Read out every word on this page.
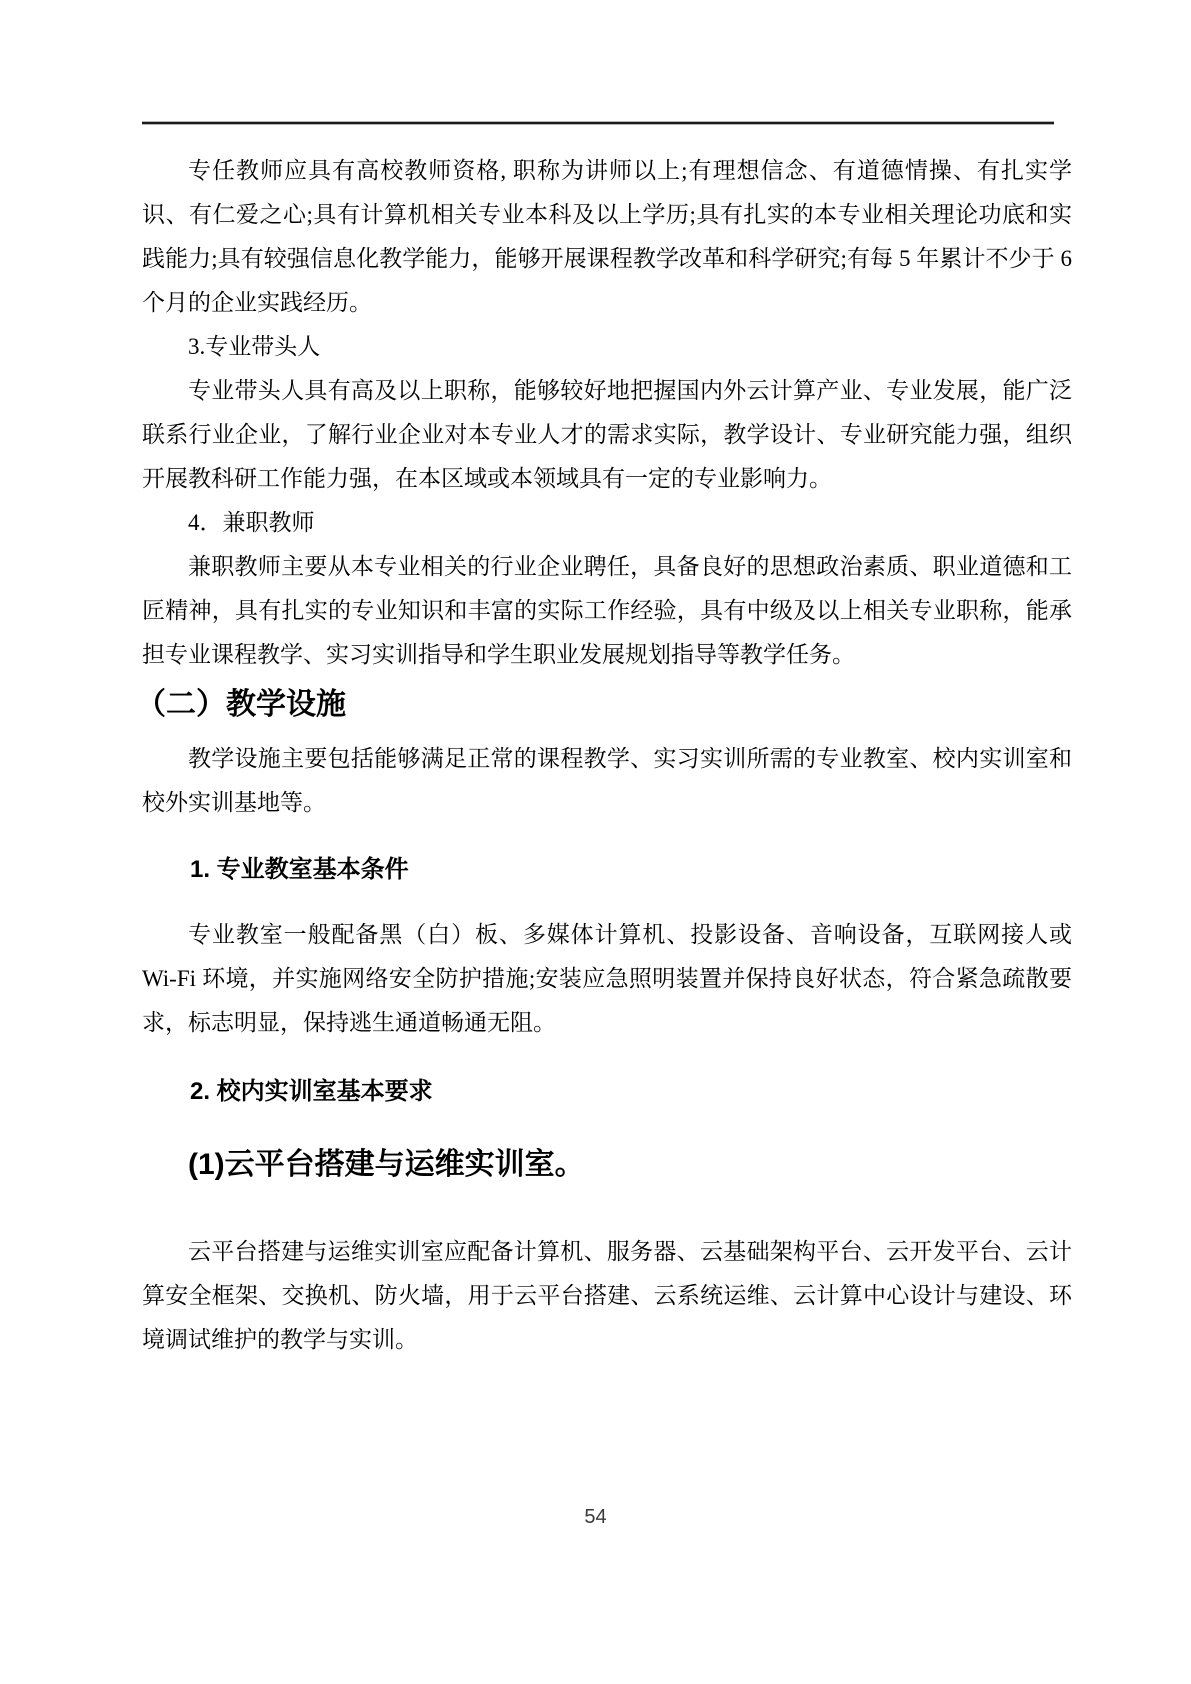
专任教师应具有高校教师资格, 职称为讲师以上;有理想信念、有道德情操、有扎实学识、有仁爱之心;具有计算机相关专业本科及以上学历;具有扎实的本专业相关理论功底和实践能力;具有较强信息化教学能力，能够开展课程教学改革和科学研究;有每 5 年累计不少于 6 个月的企业实践经历。

3.专业带头人

专业带头人具有高及以上职称，能够较好地把握国内外云计算产业、专业发展，能广泛联系行业企业，了解行业企业对本专业人才的需求实际，教学设计、专业研究能力强，组织开展教科研工作能力强，在本区域或本领域具有一定的专业影响力。

4．兼职教师

兼职教师主要从本专业相关的行业企业聘任，具备良好的思想政治素质、职业道德和工匠精神，具有扎实的专业知识和丰富的实际工作经验，具有中级及以上相关专业职称，能承担专业课程教学、实习实训指导和学生职业发展规划指导等教学任务。

（二）教学设施

教学设施主要包括能够满足正常的课程教学、实习实训所需的专业教室、校内实训室和校外实训基地等。

1. 专业教室基本条件

专业教室一般配备黑（白）板、多媒体计算机、投影设备、音响设备，互联网接人或 Wi-Fi 环境，并实施网络安全防护措施;安装应急照明装置并保持良好状态，符合紧急疏散要求，标志明显，保持逃生通道畅通无阻。

2. 校内实训室基本要求
(1)云平台搭建与运维实训室。

云平台搭建与运维实训室应配备计算机、服务器、云基础架构平台、云开发平台、云计算安全框架、交换机、防火墙，用于云平台搭建、云系统运维、云计算中心设计与建设、环境调试维护的教学与实训。

54
